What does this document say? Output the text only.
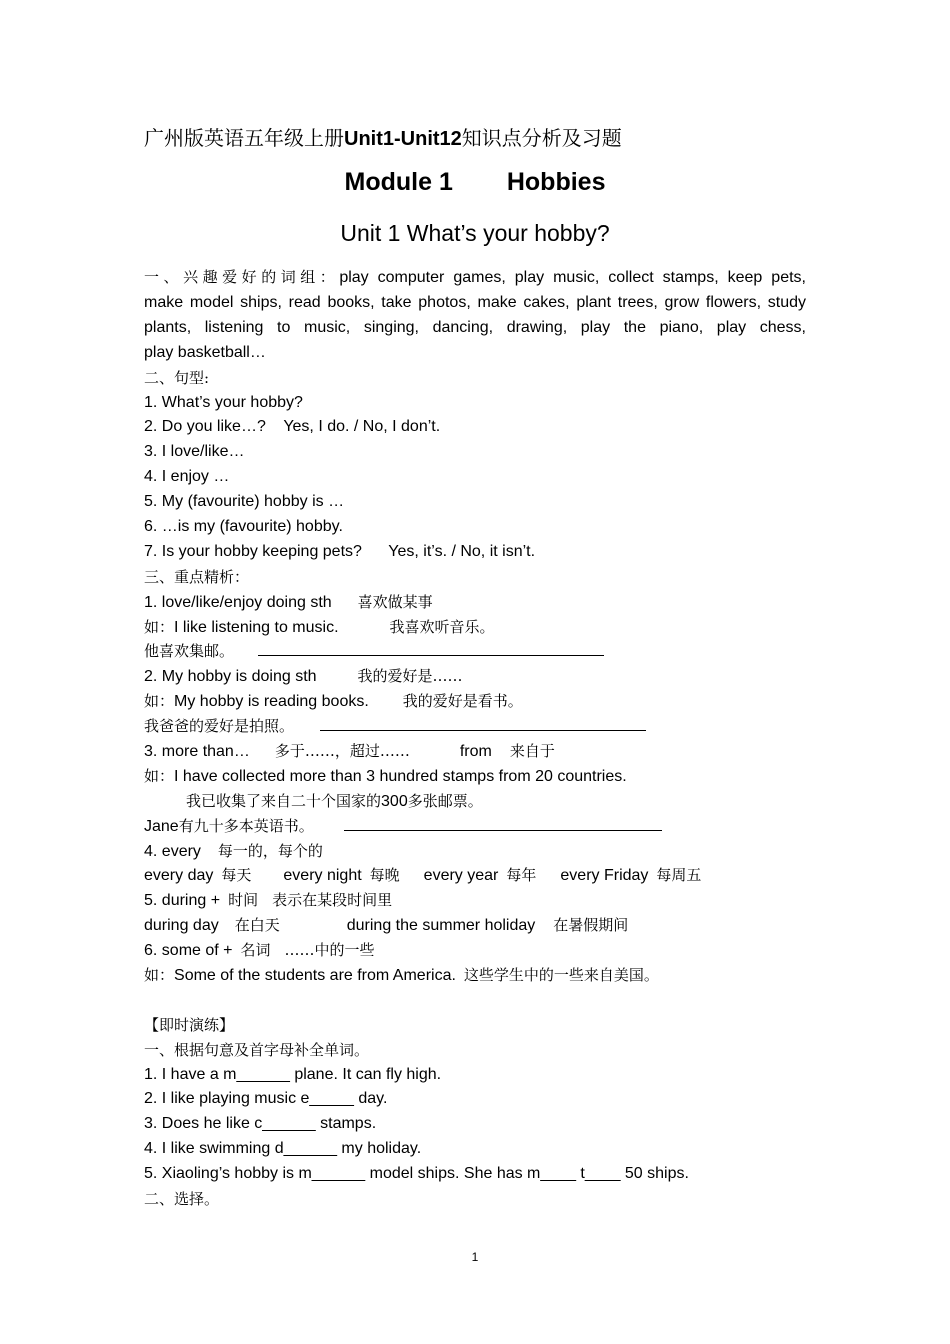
广州版英语五年级上册Unit1-Unit12知识点分析及习题
Module 1 Hobbies
Unit 1 What’s your hobby?
一、兴趣爱好的词组：play computer games, play music, collect stamps, keep pets,
make model ships, read books, take photos, make cakes, plant trees, grow flowers, study
plants, listening to music, singing, dancing, drawing, play the piano, play chess,
play basketball…
二、句型:
1. What’s your hobby?
2. Do you like…?    Yes, I do. / No, I don’t.
3. I love/like…
4. I enjoy …
5. My (favourite) hobby is …
6. …is my (favourite) hobby.
7. Is your hobby keeping pets?      Yes, it’s. / No, it isn’t.
三、重点精析：
1. love/like/enjoy doing sth 喜欢做某事
如：I like listening to music.	我喜欢听音乐。
他喜欢集邮。
2. My hobby is doing sth	我的爱好是……
如：My hobby is reading books. 我的爱好是看书。
我爸爸的爱好是拍照。
3. more than… 多于……，超过……	from 来自于
如：I have collected more than 3 hundred stamps from 20 countries.
我已收集了来自二十个国家的300多张邮票。
Jane有九十多本英语书。
4. every 每一的，每个的
every day 每天 every night 每晚 every year 每年 every Friday 每周五
5. during + 时间 表示在某段时间里
during day 在白天	during the summer holiday 在暑假期间
6. some of + 名词 ……中的一些
如：Some of the students are from America. 这些学生中的一些来自美国。
【即时演练】
一、根据句意及首字母补全单词。
1. I have a m______ plane. It can fly high.
2. I like playing music e_____ day.
3. Does he like c______ stamps.
4. I like swimming d______ my holiday.
5. Xiaoling’s hobby is m______ model ships. She has m____ t____ 50 ships.
二、选择。
1
